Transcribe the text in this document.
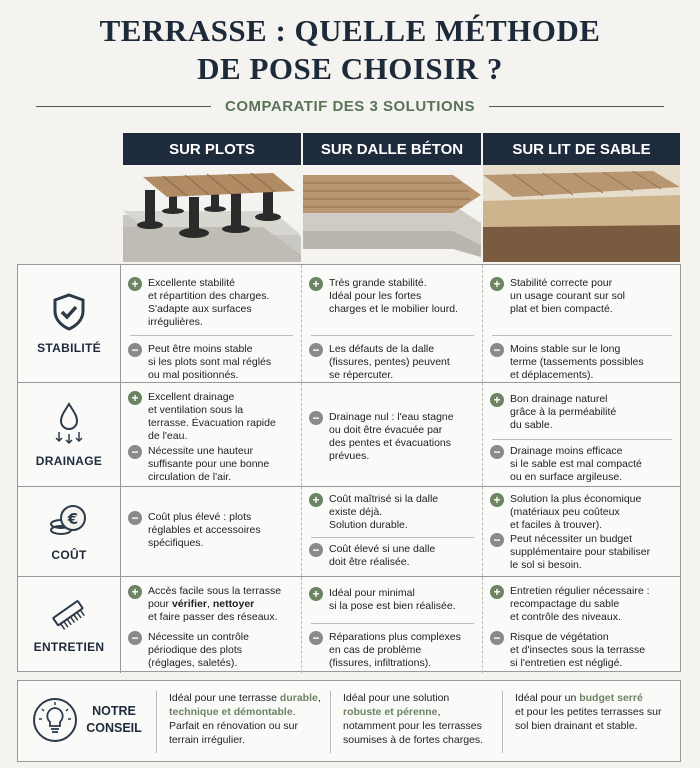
TERRASSE : QUELLE MÉTHODE
DE POSE CHOISIR ?
COMPARATIF DES 3 SOLUTIONS
SUR PLOTS	SUR DALLE BÉTON	SUR LIT DE SABLE
STABILITÉ
+ Excellente stabilité
et répartition des charges.
S'adapte aux surfaces
irrégulières.
− Peut être moins stable
si les plots sont mal réglés
ou mal positionnés.
+ Très grande stabilité.
Idéal pour les fortes
charges et le mobilier lourd.
− Les défauts de la dalle
(fissures, pentes) peuvent
se répercuter.
+ Stabilité correcte pour
un usage courant sur sol
plat et bien compacté.
− Moins stable sur le long
terme (tassements possibles
et déplacements).
DRAINAGE
+ Excellent drainage
et ventilation sous la
terrasse. Évacuation rapide
de l'eau.
− Nécessite une hauteur
suffisante pour une bonne
circulation de l'air.
− Drainage nul : l'eau stagne
ou doit être évacuée par
des pentes et évacuations
prévues.
+ Bon drainage naturel
grâce à la perméabilité
du sable.
− Drainage moins efficace
si le sable est mal compacté
ou en surface argileuse.
€
COÛT
− Coût plus élevé : plots
réglables et accessoires
spécifiques.
+ Coût maîtrisé si la dalle
existe déjà.
Solution durable.
− Coût élevé si une dalle
doit être réalisée.
+ Solution la plus économique
(matériaux peu coûteux
et faciles à trouver).
− Peut nécessiter un budget
supplémentaire pour stabiliser
le sol si besoin.
ENTRETIEN
+ Accès facile sous la terrasse
pour vérifier, nettoyer
et faire passer des réseaux.
− Nécessite un contrôle
périodique des plots
(réglages, saletés).
+ Idéal pour minimal
si la pose est bien réalisée.
− Réparations plus complexes
en cas de problème
(fissures, infiltrations).
+ Entretien régulier nécessaire :
recompactage du sable
et contrôle des niveaux.
− Risque de végétation
et d'insectes sous la terrasse
si l'entretien est négligé.
NOTRE CONSEIL
Idéal pour une terrasse durable,
technique et démontable.
Parfait en rénovation ou sur terrain irrégulier.
Idéal pour une solution
robuste et pérenne,
notamment pour les terrasses soumises à de fortes charges.
Idéal pour un budget serré
et pour les petites terrasses sur sol bien drainant et stable.
